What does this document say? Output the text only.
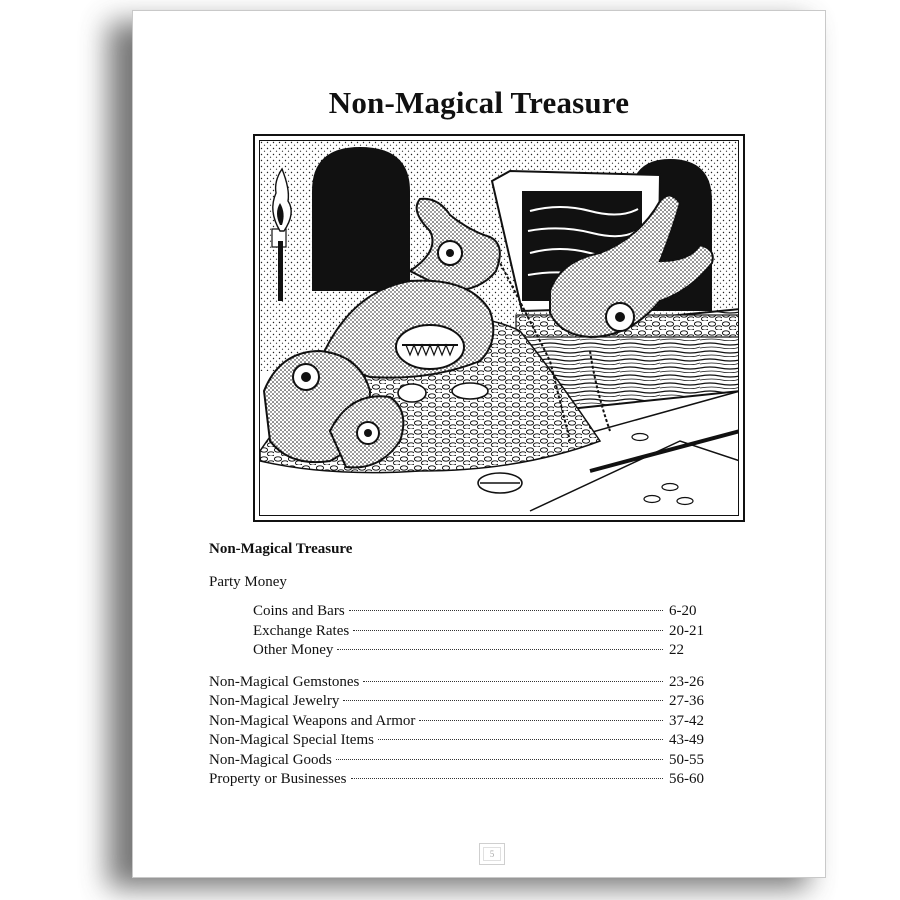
Non-Magical Treasure
Non-Magical Treasure
Party Money
Coins and Bars	6-20
Exchange Rates	20-21
Other Money	22
Non-Magical Gemstones	23-26
Non-Magical Jewelry	27-36
Non-Magical Weapons and Armor	37-42
Non-Magical Special Items	43-49
Non-Magical Goods	50-55
Property or Businesses	56-60
5
